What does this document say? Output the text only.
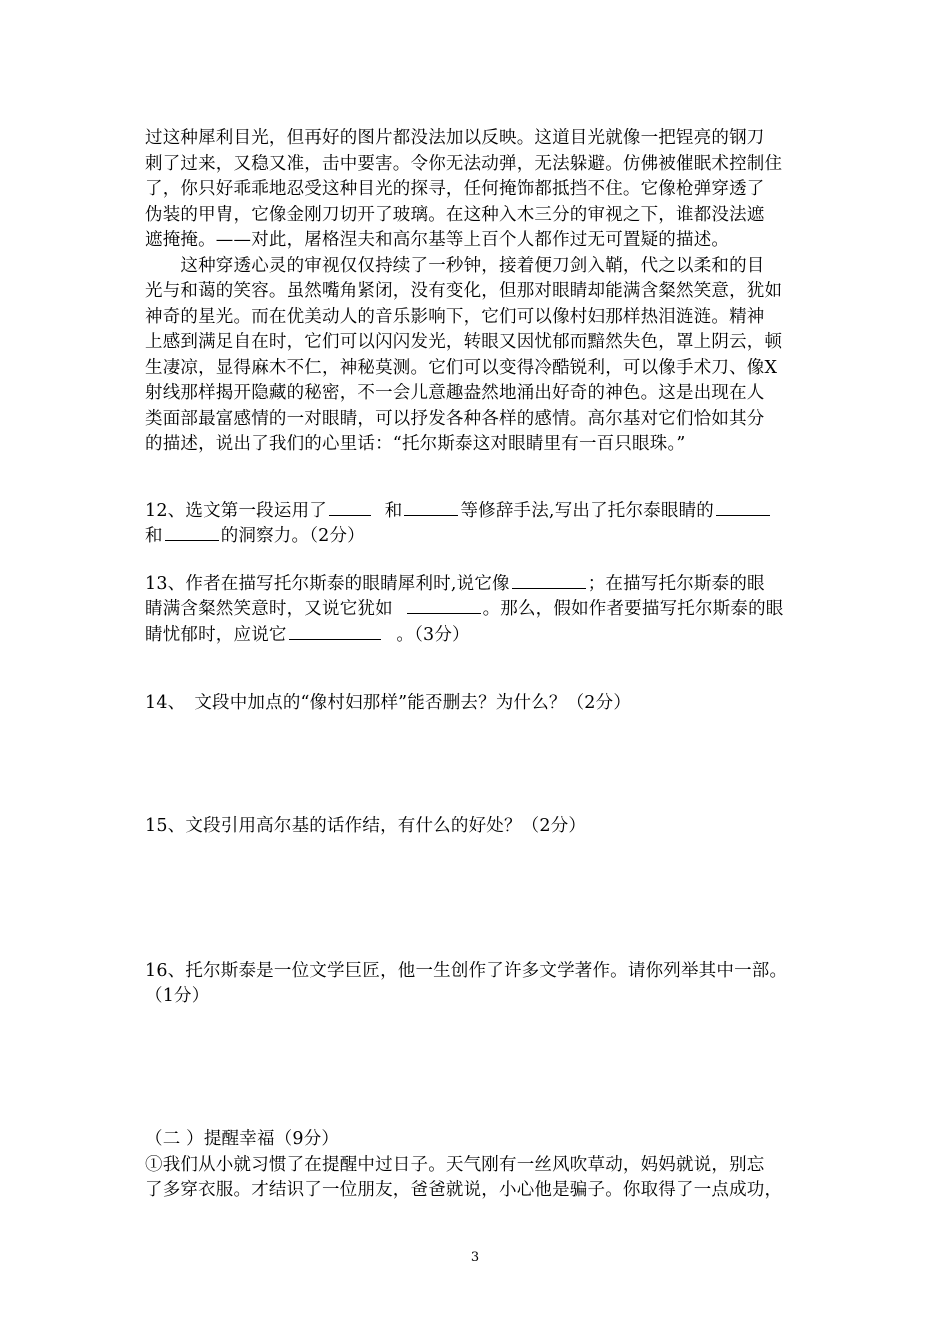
过这种犀利目光，但再好的图片都没法加以反映。这道目光就像一把锃亮的钢刀
刺了过来，又稳又准，击中要害。令你无法动弹，无法躲避。仿佛被催眠术控制住
了，你只好乖乖地忍受这种目光的探寻，任何掩饰都抵挡不住。它像枪弹穿透了
伪装的甲胄，它像金刚刀切开了玻璃。在这种入木三分的审视之下，谁都没法遮
遮掩掩。——对此，屠格涅夫和高尔基等上百个人都作过无可置疑的描述。
　　这种穿透心灵的审视仅仅持续了一秒钟，接着便刀剑入鞘，代之以柔和的目
光与和蔼的笑容。虽然嘴角紧闭，没有变化，但那对眼睛却能满含粲然笑意，犹如
神奇的星光。而在优美动人的音乐影响下，它们可以像村妇那样热泪涟涟。精神
上感到满足自在时，它们可以闪闪发光，转眼又因忧郁而黯然失色，罩上阴云，顿
生凄凉，显得麻木不仁，神秘莫测。它们可以变得冷酷锐利，可以像手术刀、像X
射线那样揭开隐藏的秘密，不一会儿意趣盎然地涌出好奇的神色。这是出现在人
类面部最富感情的一对眼睛，可以抒发各种各样的感情。高尔基对它们恰如其分
的描述，说出了我们的心里话：“托尔斯泰这对眼睛里有一百只眼珠。”
12、选文第一段运用了	和	等修辞手法,写出了托尔泰眼睛的
和	的洞察力。（2分）
13、作者在描写托尔斯泰的眼睛犀利时,说它像	；在描写托尔斯泰的眼
睛满含粲然笑意时，又说它犹如	。那么，假如作者要描写托尔斯泰的眼
睛忧郁时，应说它	。（3分）
14、　文段中加点的“像村妇那样”能否删去？为什么？（2分）
15、文段引用高尔基的话作结，有什么的好处？（2分）
16、托尔斯泰是一位文学巨匠，他一生创作了许多文学著作。请你列举其中一部。
（1分）
（二 ）提醒幸福（9分）
①我们从小就习惯了在提醒中过日子。天气刚有一丝风吹草动，妈妈就说，别忘
了多穿衣服。才结识了一位朋友，爸爸就说，小心他是骗子。你取得了一点成功，
3
